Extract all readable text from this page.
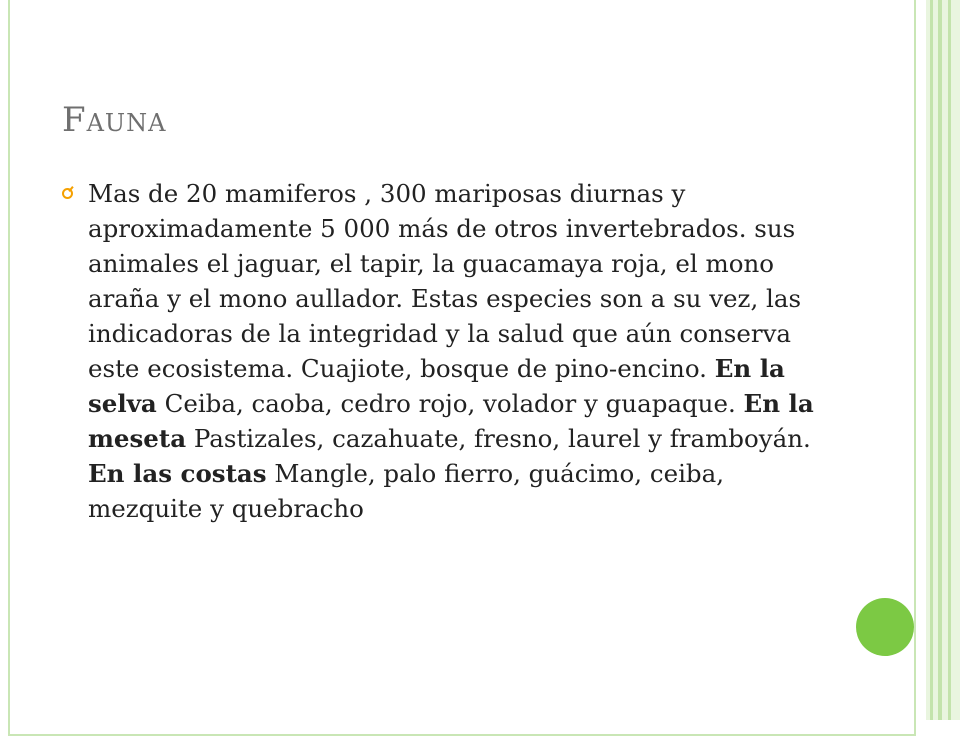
Fauna
Mas de 20 mamiferos , 300 mariposas diurnas y aproximadamente 5 000 más de otros invertebrados. sus animales el jaguar, el tapir, la guacamaya roja, el mono araña y el mono aullador. Estas especies son a su vez, las indicadoras de la integridad y la salud que aún conserva este ecosistema. Cuajiote, bosque de pino-encino. En la selva Ceiba, caoba, cedro rojo, volador y guapaque. En la meseta Pastizales, cazahuate, fresno, laurel y framboyán. En las costas Mangle, palo fierro, guácimo, ceiba, mezquite y quebracho
